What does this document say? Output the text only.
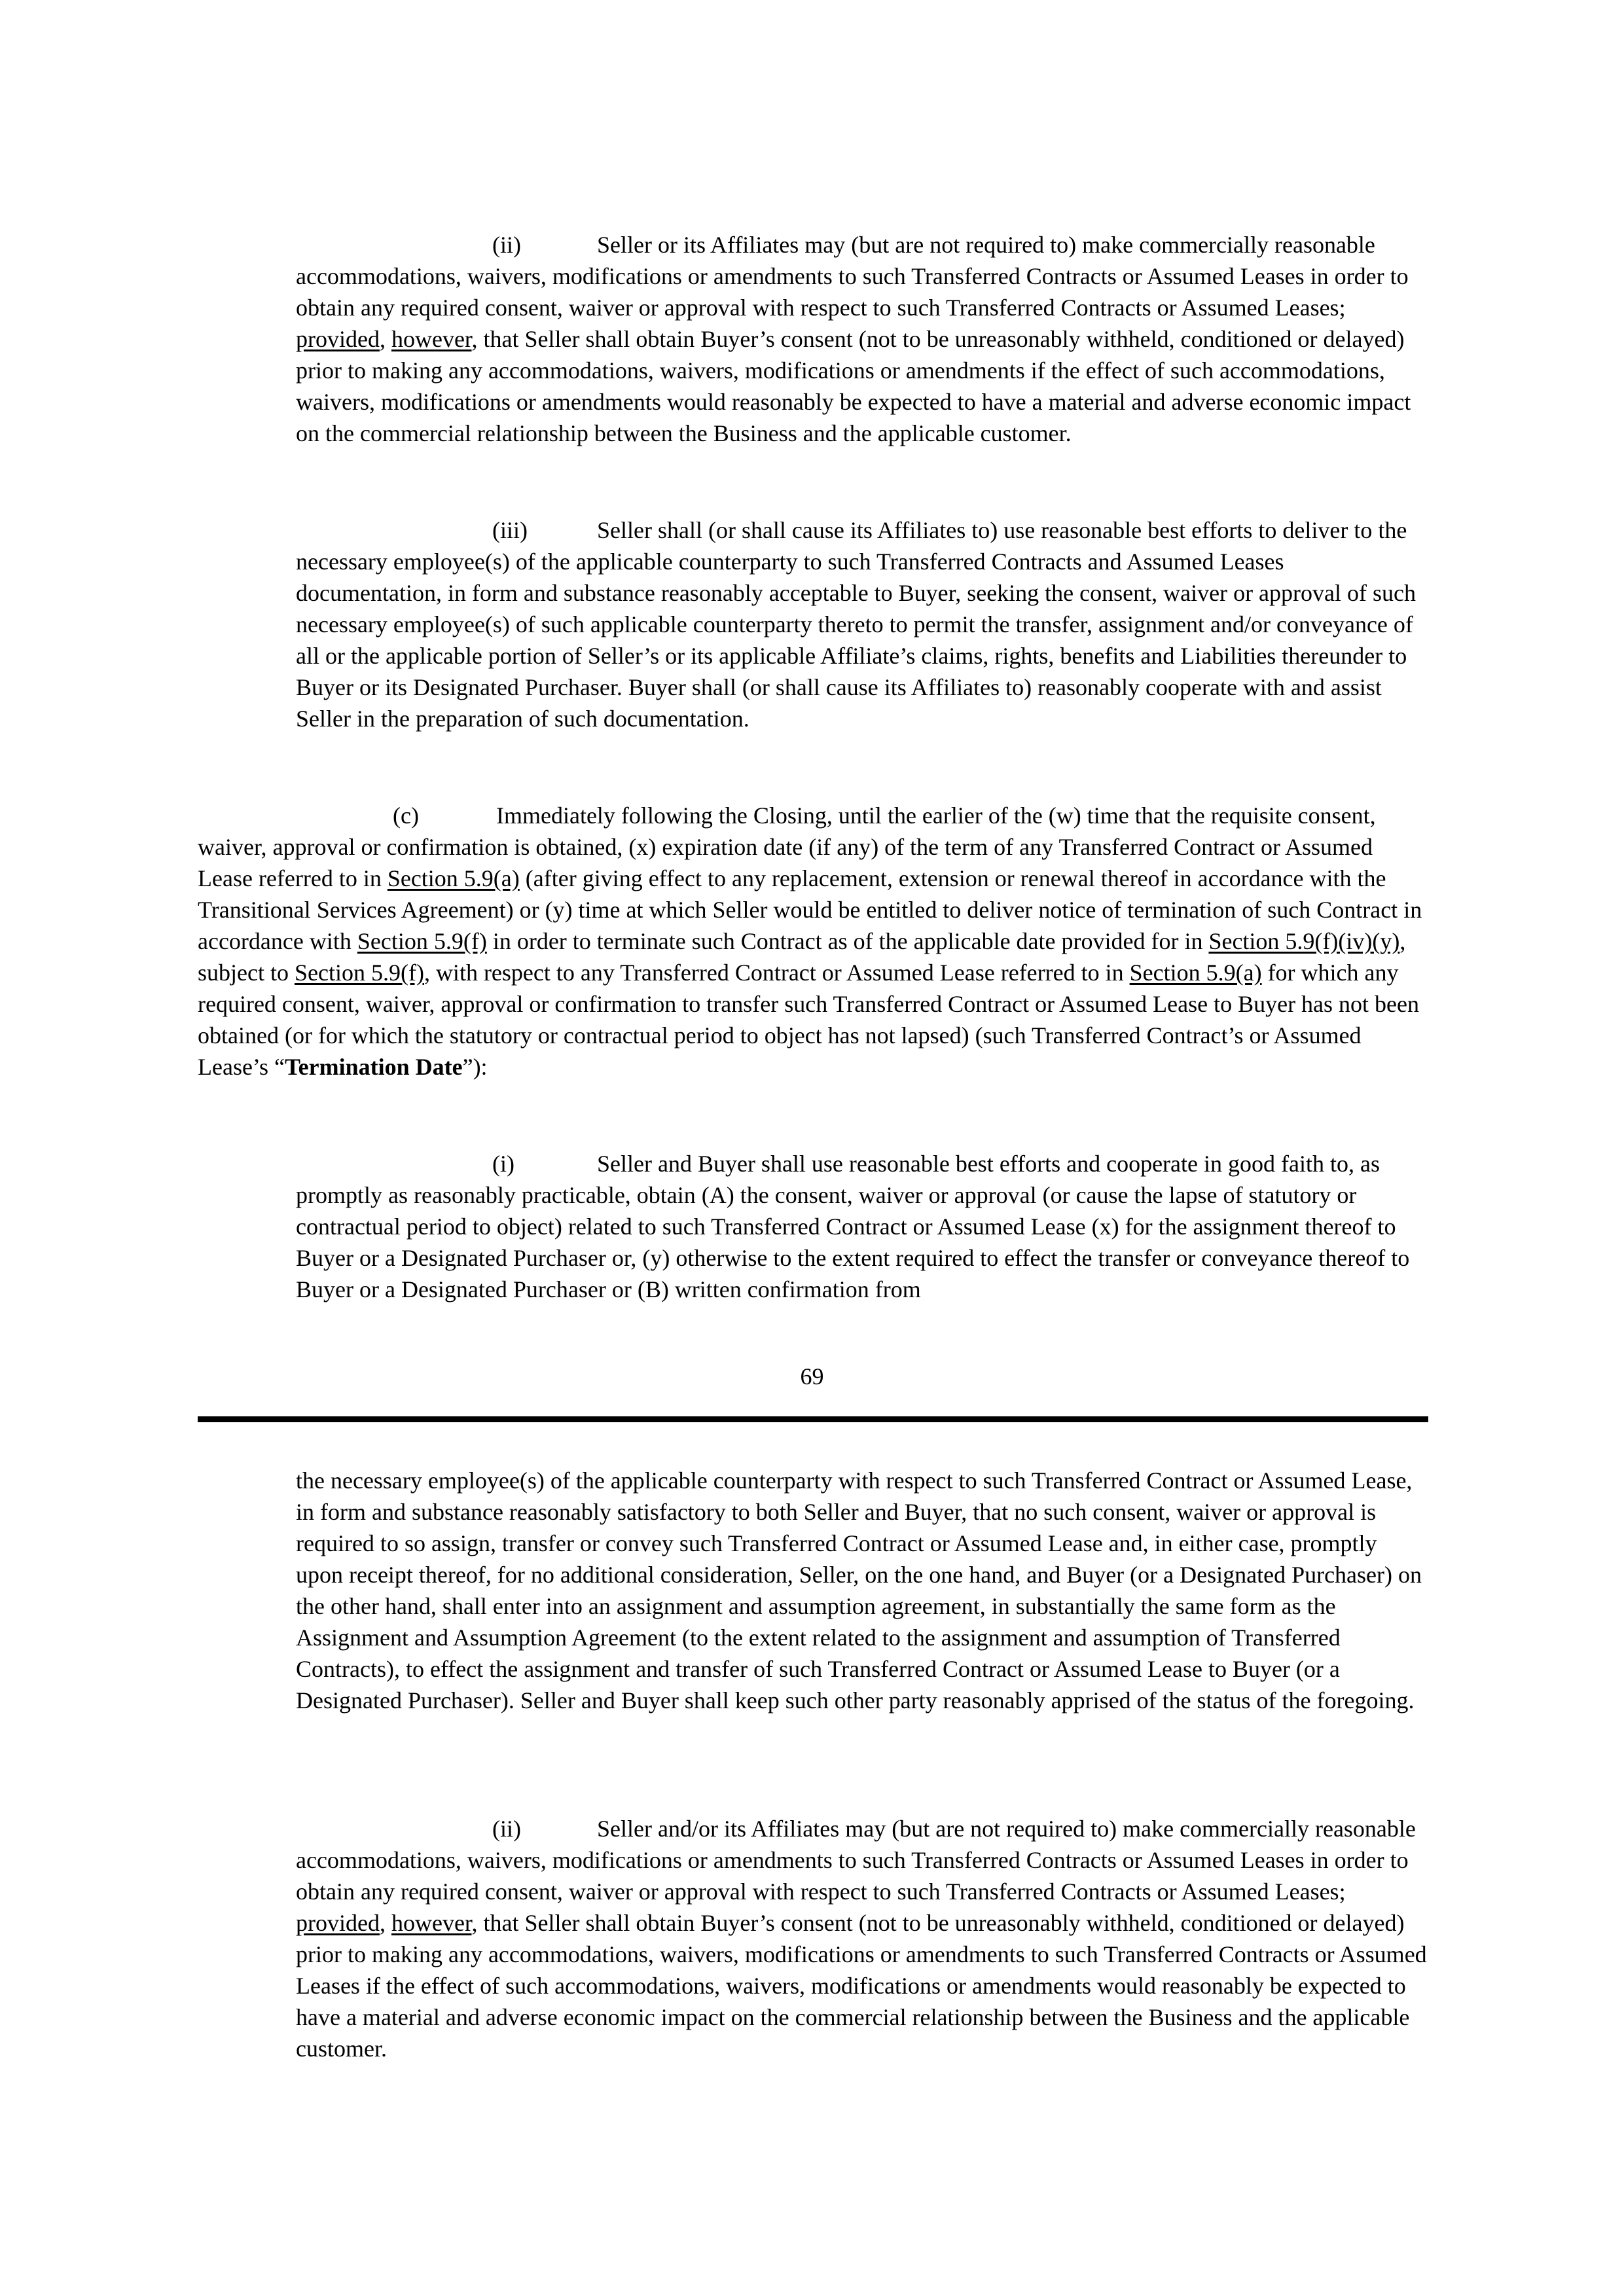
(ii)	Seller or its Affiliates may (but are not required to) make commercially reasonable accommodations, waivers, modifications or amendments to such Transferred Contracts or Assumed Leases in order to obtain any required consent, waiver or approval with respect to such Transferred Contracts or Assumed Leases; provided, however, that Seller shall obtain Buyer’s consent (not to be unreasonably withheld, conditioned or delayed) prior to making any accommodations, waivers, modifications or amendments if the effect of such accommodations, waivers, modifications or amendments would reasonably be expected to have a material and adverse economic impact on the commercial relationship between the Business and the applicable customer.

(iii)	Seller shall (or shall cause its Affiliates to) use reasonable best efforts to deliver to the necessary employee(s) of the applicable counterparty to such Transferred Contracts and Assumed Leases documentation, in form and substance reasonably acceptable to Buyer, seeking the consent, waiver or approval of such necessary employee(s) of such applicable counterparty thereto to permit the transfer, assignment and/or conveyance of all or the applicable portion of Seller’s or its applicable Affiliate’s claims, rights, benefits and Liabilities thereunder to Buyer or its Designated Purchaser. Buyer shall (or shall cause its Affiliates to) reasonably cooperate with and assist Seller in the preparation of such documentation.

(c)	Immediately following the Closing, until the earlier of the (w) time that the requisite consent, waiver, approval or confirmation is obtained, (x) expiration date (if any) of the term of any Transferred Contract or Assumed Lease referred to in Section 5.9(a) (after giving effect to any replacement, extension or renewal thereof in accordance with the Transitional Services Agreement) or (y) time at which Seller would be entitled to deliver notice of termination of such Contract in accordance with Section 5.9(f) in order to terminate such Contract as of the applicable date provided for in Section 5.9(f)(iv)(y), subject to Section 5.9(f), with respect to any Transferred Contract or Assumed Lease referred to in Section 5.9(a) for which any required consent, waiver, approval or confirmation to transfer such Transferred Contract or Assumed Lease to Buyer has not been obtained (or for which the statutory or contractual period to object has not lapsed) (such Transferred Contract’s or Assumed Lease’s “Termination Date”):

(i)	Seller and Buyer shall use reasonable best efforts and cooperate in good faith to, as promptly as reasonably practicable, obtain (A) the consent, waiver or approval (or cause the lapse of statutory or contractual period to object) related to such Transferred Contract or Assumed Lease (x) for the assignment thereof to Buyer or a Designated Purchaser or, (y) otherwise to the extent required to effect the transfer or conveyance thereof to Buyer or a Designated Purchaser or (B) written confirmation from

69

the necessary employee(s) of the applicable counterparty with respect to such Transferred Contract or Assumed Lease, in form and substance reasonably satisfactory to both Seller and Buyer, that no such consent, waiver or approval is required to so assign, transfer or convey such Transferred Contract or Assumed Lease and, in either case, promptly upon receipt thereof, for no additional consideration, Seller, on the one hand, and Buyer (or a Designated Purchaser) on the other hand, shall enter into an assignment and assumption agreement, in substantially the same form as the Assignment and Assumption Agreement (to the extent related to the assignment and assumption of Transferred Contracts), to effect the assignment and transfer of such Transferred Contract or Assumed Lease to Buyer (or a Designated Purchaser). Seller and Buyer shall keep such other party reasonably apprised of the status of the foregoing.

(ii)	Seller and/or its Affiliates may (but are not required to) make commercially reasonable accommodations, waivers, modifications or amendments to such Transferred Contracts or Assumed Leases in order to obtain any required consent, waiver or approval with respect to such Transferred Contracts or Assumed Leases; provided, however, that Seller shall obtain Buyer’s consent (not to be unreasonably withheld, conditioned or delayed) prior to making any accommodations, waivers, modifications or amendments to such Transferred Contracts or Assumed Leases if the effect of such accommodations, waivers, modifications or amendments would reasonably be expected to have a material and adverse economic impact on the commercial relationship between the Business and the applicable customer.
